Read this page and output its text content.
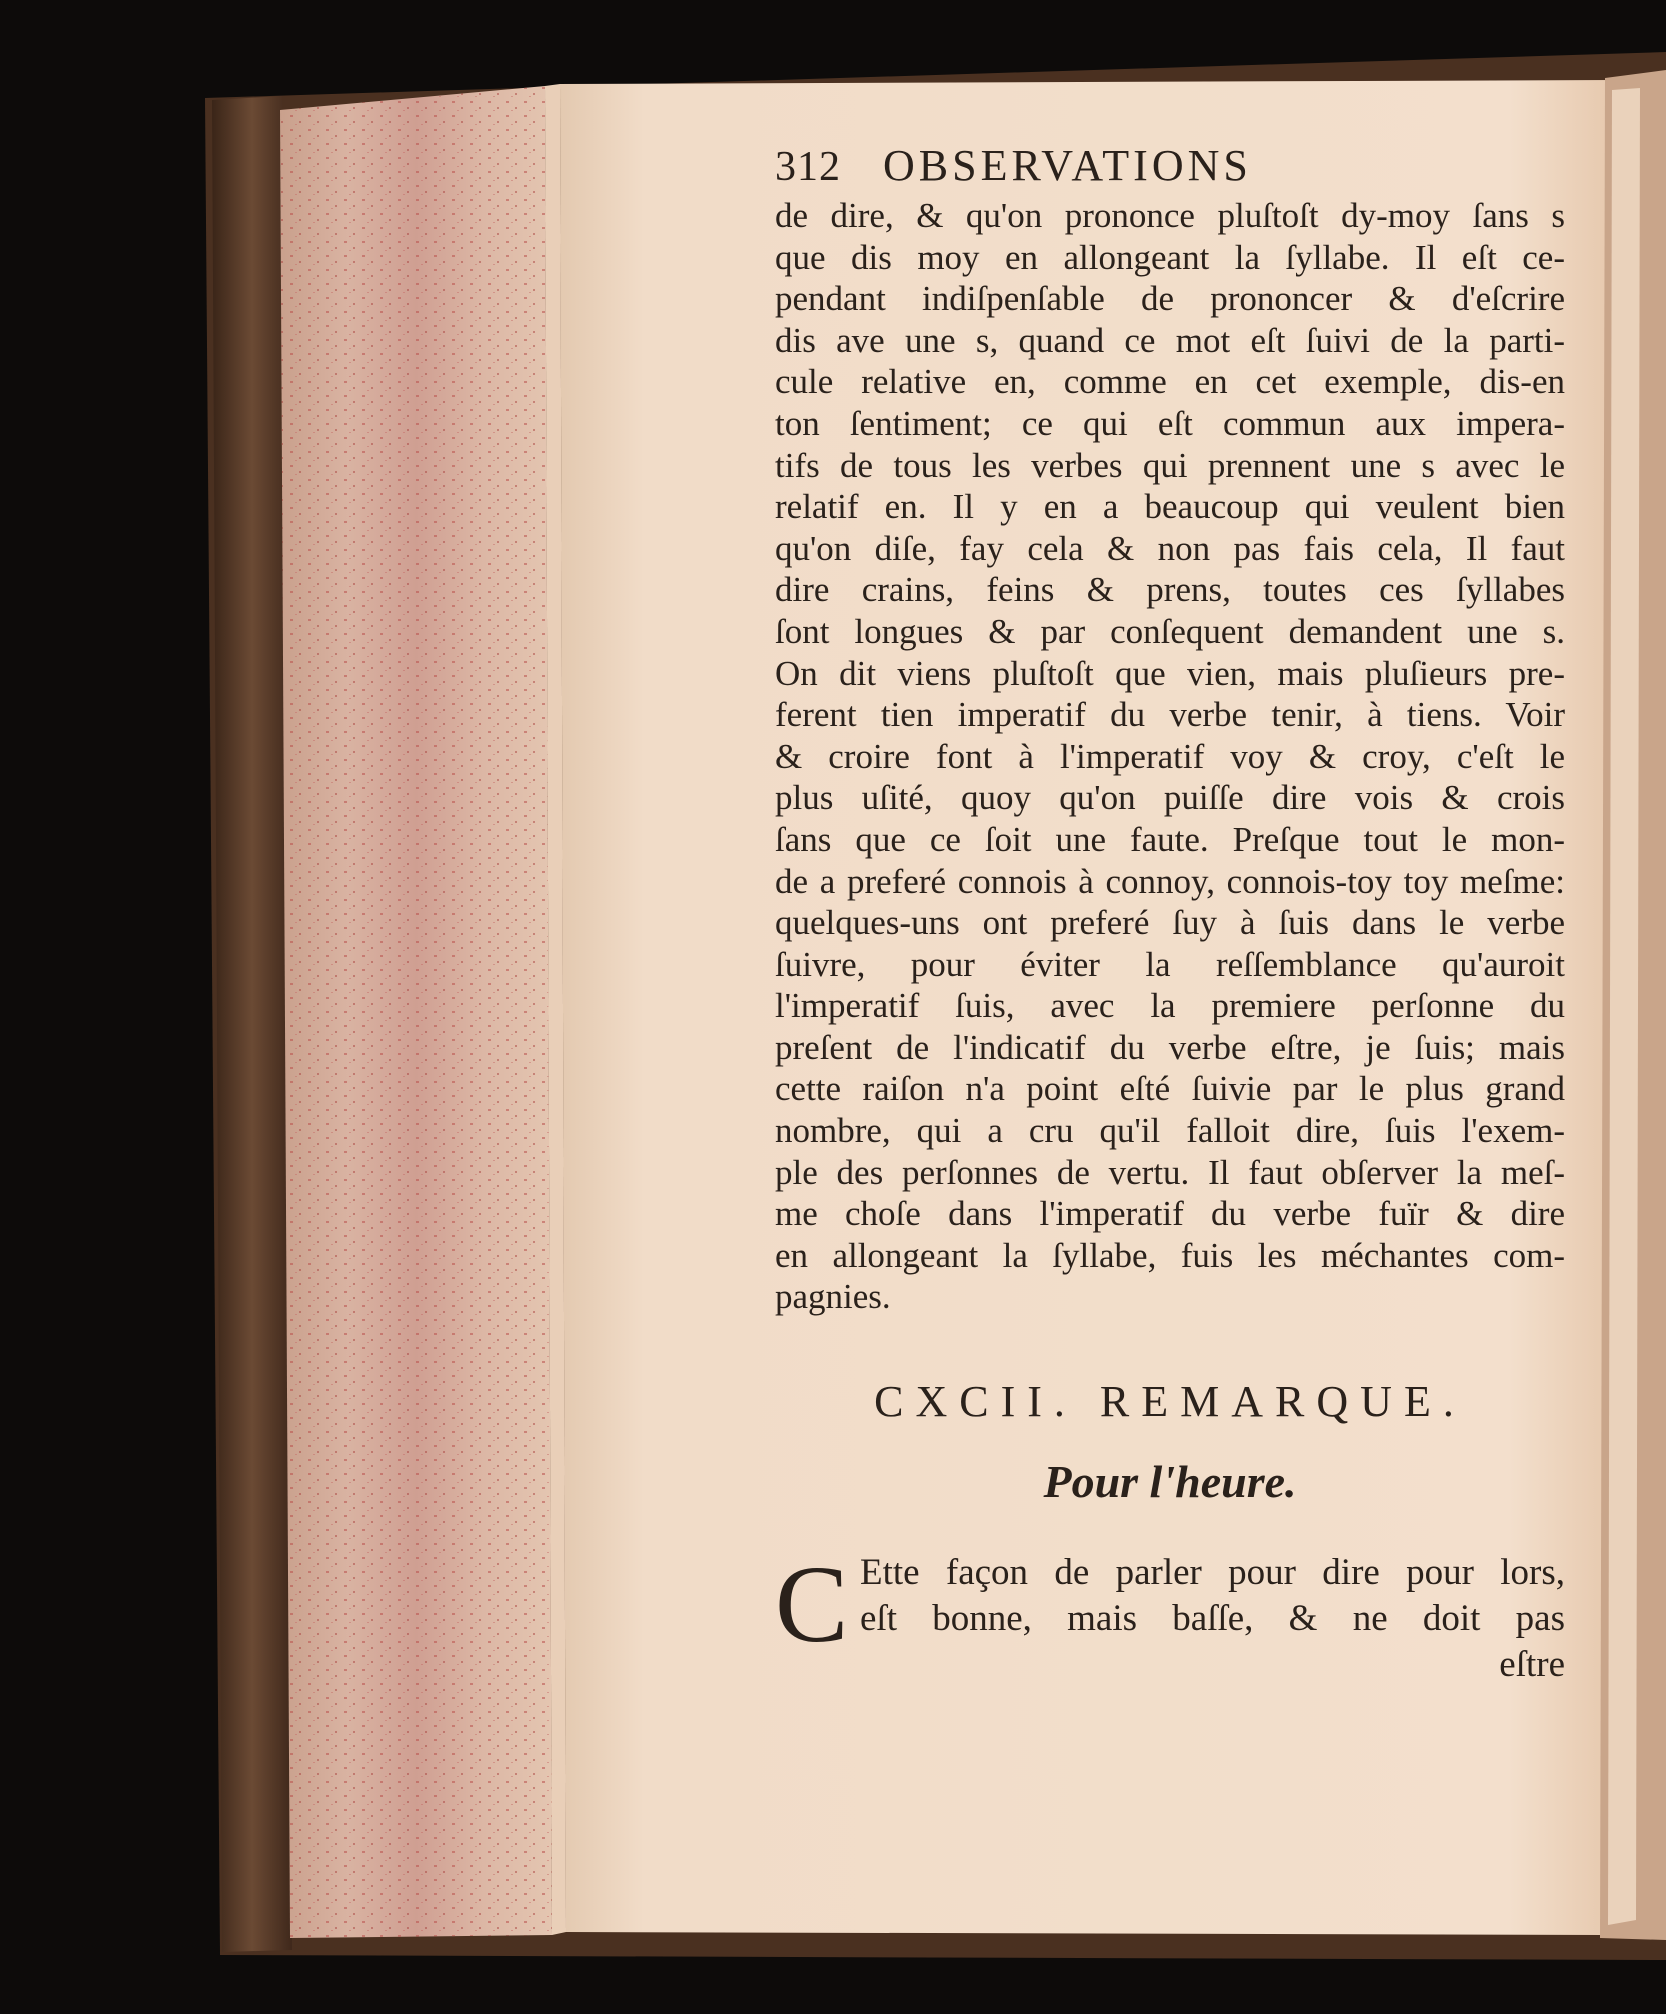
312 OBSERVATIONS
de dire, & qu'on prononce pluſtoſt dy-moy ſans s
que dis moy en allongeant la ſyllabe. Il eſt ce-
pendant indiſpenſable de prononcer & d'eſcrire
dis ave une s, quand ce mot eſt ſuivi de la parti-
cule relative en, comme en cet exemple, dis-en
ton ſentiment; ce qui eſt commun aux impera-
tifs de tous les verbes qui prennent une s avec le
relatif en. Il y en a beaucoup qui veulent bien
qu'on diſe, fay cela & non pas fais cela, Il faut
dire crains, feins & prens, toutes ces ſyllabes
ſont longues & par conſequent demandent une s.
On dit viens pluſtoſt que vien, mais pluſieurs pre-
ferent tien imperatif du verbe tenir, à tiens. Voir
& croire font à l'imperatif voy & croy, c'eſt le
plus uſité, quoy qu'on puiſſe dire vois & crois
ſans que ce ſoit une faute. Preſque tout le mon-
de a preferé connois à connoy, connois-toy toy meſme:
quelques-uns ont preferé ſuy à ſuis dans le verbe
ſuivre, pour éviter la reſſemblance qu'auroit
l'imperatif ſuis, avec la premiere perſonne du
preſent de l'indicatif du verbe eſtre, je ſuis; mais
cette raiſon n'a point eſté ſuivie par le plus grand
nombre, qui a cru qu'il falloit dire, ſuis l'exem-
ple des perſonnes de vertu. Il faut obſerver la meſ-
me choſe dans l'imperatif du verbe fuïr & dire
en allongeant la ſyllabe, fuis les méchantes com-
pagnies.
CXCII. REMARQUE.
Pour l'heure.
C Ette façon de parler pour dire pour lors,
eſt bonne, mais baſſe, & ne doit pas
eſtre
